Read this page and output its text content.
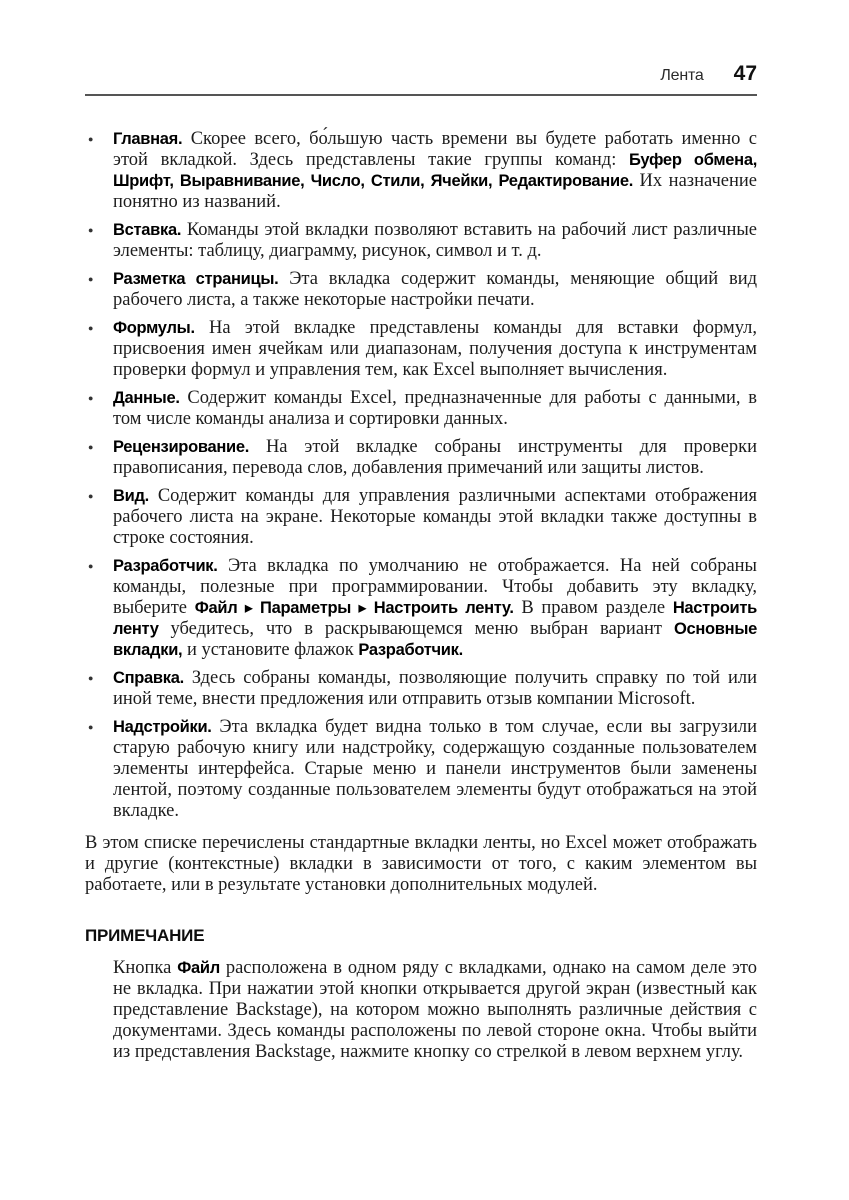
Лента 47
● Главная. Скорее всего, бо́льшую часть времени вы будете работать именно с этой вкладкой. Здесь представлены такие группы команд: Буфер обмена, Шрифт, Выравнивание, Число, Стили, Ячейки, Редактирование. Их назначение понятно из названий.
● Вставка. Команды этой вкладки позволяют вставить на рабочий лист различные элементы: таблицу, диаграмму, рисунок, символ и т. д.
● Разметка страницы. Эта вкладка содержит команды, меняющие общий вид рабочего листа, а также некоторые настройки печати.
● Формулы. На этой вкладке представлены команды для вставки формул, присвоения имен ячейкам или диапазонам, получения доступа к инструментам проверки формул и управления тем, как Excel выполняет вычисления.
● Данные. Содержит команды Excel, предназначенные для работы с данными, в том числе команды анализа и сортировки данных.
● Рецензирование. На этой вкладке собраны инструменты для проверки правописания, перевода слов, добавления примечаний или защиты листов.
● Вид. Содержит команды для управления различными аспектами отображения рабочего листа на экране. Некоторые команды этой вкладки также доступны в строке состояния.
● Разработчик. Эта вкладка по умолчанию не отображается. На ней собраны команды, полезные при программировании. Чтобы добавить эту вкладку, выберите Файл ▸ Параметры ▸ Настроить ленту. В правом разделе Настроить ленту убедитесь, что в раскрывающемся меню выбран вариант Основные вкладки, и установите флажок Разработчик.
● Справка. Здесь собраны команды, позволяющие получить справку по той или иной теме, внести предложения или отправить отзыв компании Microsoft.
● Надстройки. Эта вкладка будет видна только в том случае, если вы загрузили старую рабочую книгу или надстройку, содержащую созданные пользователем элементы интерфейса. Старые меню и панели инструментов были заменены лентой, поэтому созданные пользователем элементы будут отображаться на этой вкладке.

В этом списке перечислены стандартные вкладки ленты, но Excel может отображать и другие (контекстные) вкладки в зависимости от того, с каким элементом вы работаете, или в результате установки дополнительных модулей.

ПРИМЕЧАНИЕ

Кнопка Файл расположена в одном ряду с вкладками, однако на самом деле это не вкладка. При нажатии этой кнопки открывается другой экран (известный как представление Backstage), на котором можно выполнять различные действия с документами. Здесь команды расположены по левой стороне окна. Чтобы выйти из представления Backstage, нажмите кнопку со стрелкой в левом верхнем углу.
